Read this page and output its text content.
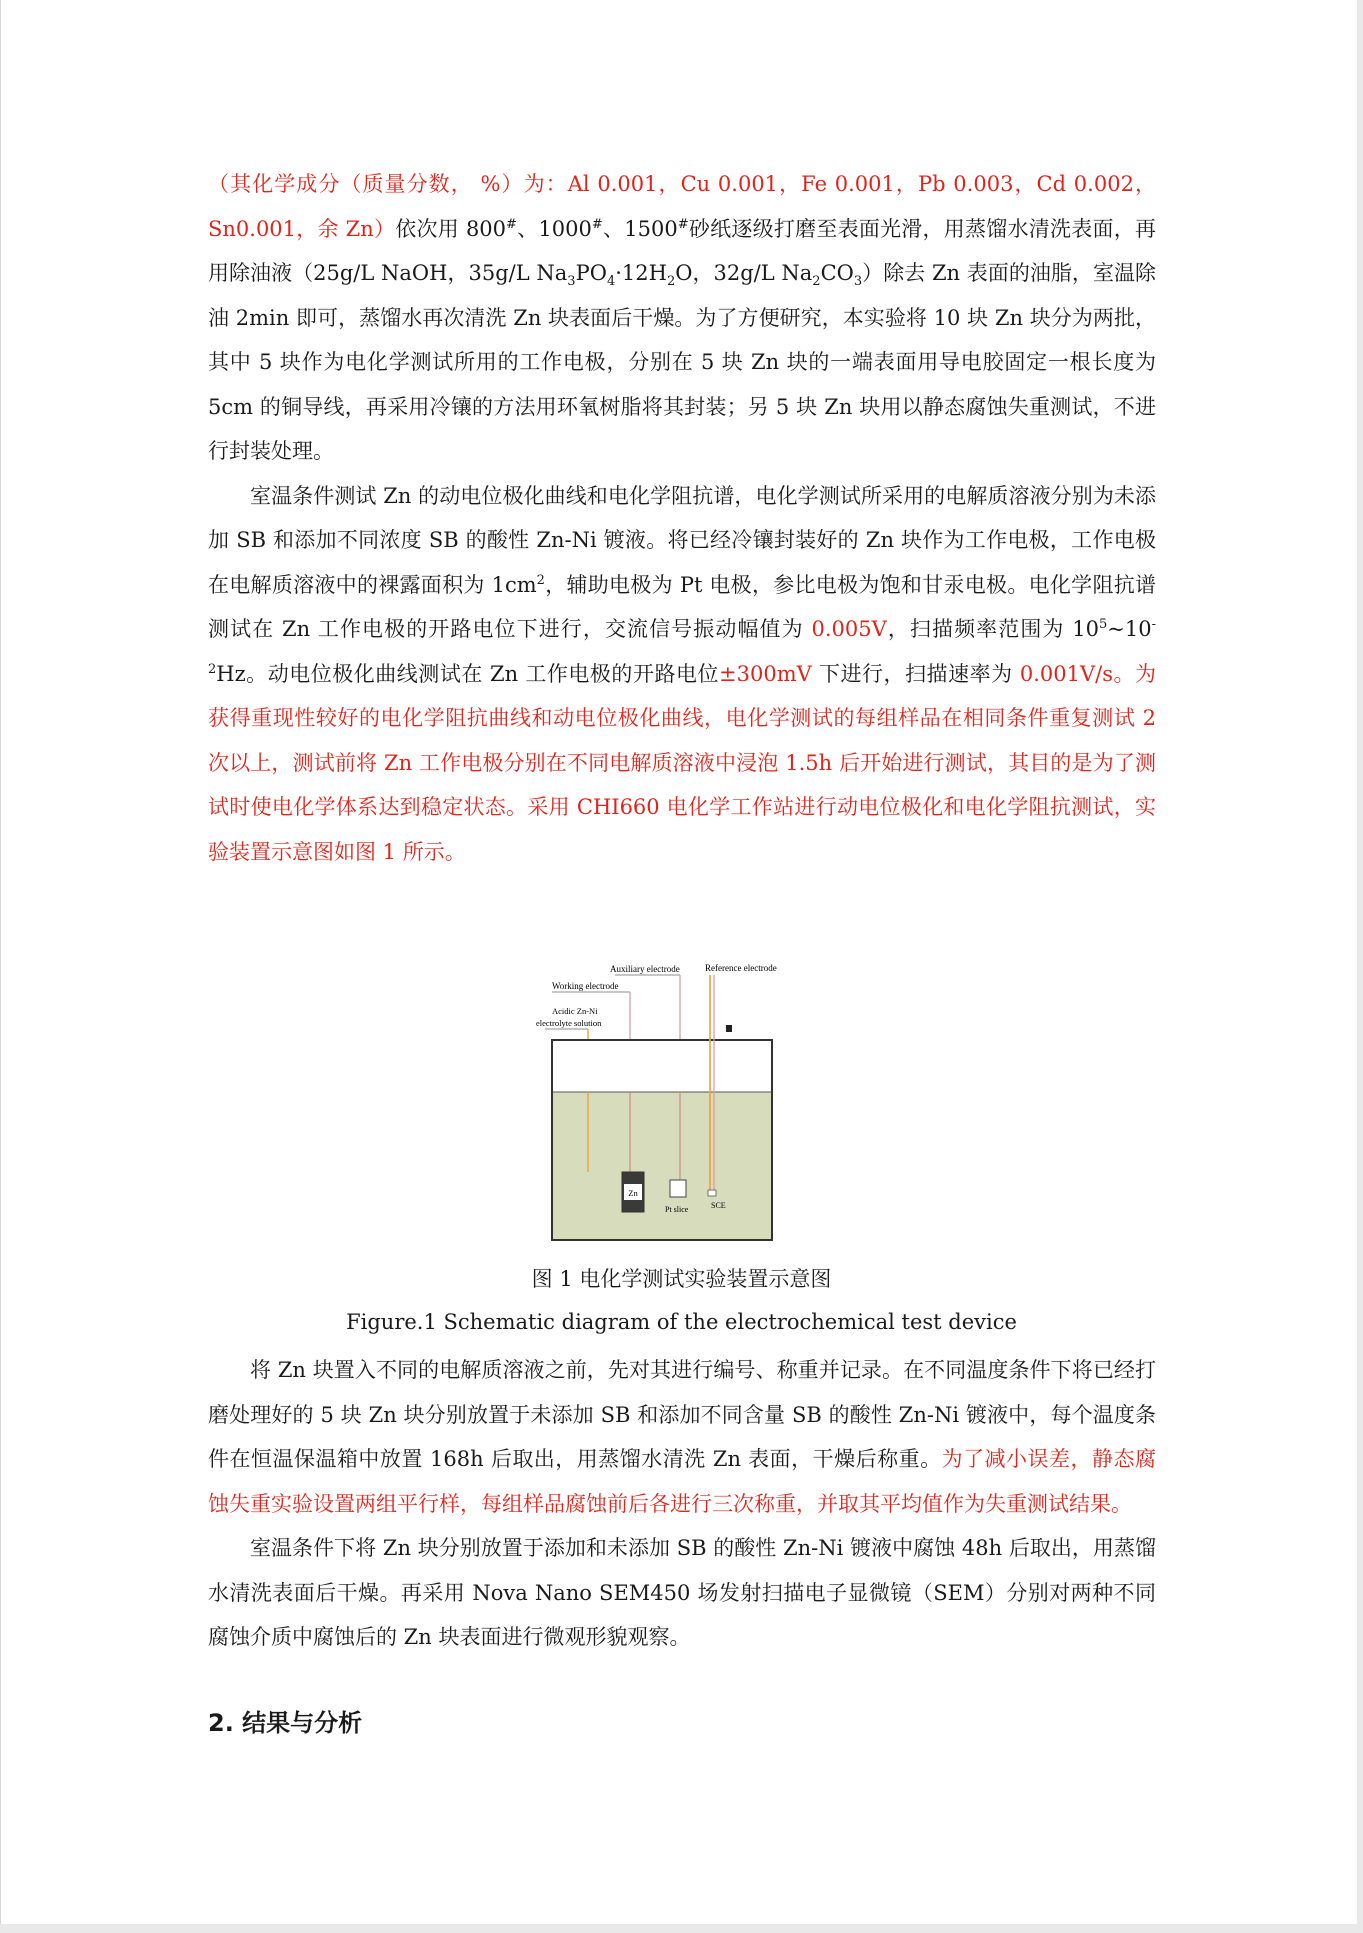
（其化学成分（质量分数， %）为：Al 0.001，Cu 0.001，Fe 0.001，Pb 0.003，Cd 0.002，Sn0.001，余 Zn）依次用 800#、1000#、1500#砂纸逐级打磨至表面光滑，用蒸馏水清洗表面，再用除油液（25g/L NaOH，35g/L $Na_3PO_4\cdot 12H_2O$，32g/L $Na_2CO_3$）除去 Zn 表面的油脂，室温除油 2min 即可，蒸馏水再次清洗 Zn 块表面后干燥。为了方便研究，本实验将 10 块 Zn 块分为两批，其中 5 块作为电化学测试所用的工作电极，分别在 5 块 Zn 块的一端表面用导电胶固定一根长度为 5cm 的铜导线，再采用冷镶的方法用环氧树脂将其封装；另 5 块 Zn 块用以静态腐蚀失重测试，不进行封装处理。

室温条件测试 Zn 的动电位极化曲线和电化学阻抗谱，电化学测试所采用的电解质溶液分别为未添加 SB 和添加不同浓度 SB 的酸性 Zn-Ni 镀液。将已经冷镶封装好的 Zn 块作为工作电极，工作电极在电解质溶液中的裸露面积为 $1cm^2$，辅助电极为 Pt 电极，参比电极为饱和甘汞电极。电化学阻抗谱测试在 Zn 工作电极的开路电位下进行，交流信号振动幅值为 0.005V，扫描频率范围为 $10^5\sim 10^{-2}Hz$。动电位极化曲线测试在 Zn 工作电极的开路电位±300mV 下进行，扫描速率为 0.001V/s。为获得重现性较好的电化学阻抗曲线和动电位极化曲线，电化学测试的每组样品在相同条件重复测试 2 次以上，测试前将 Zn 工作电极分别在不同电解质溶液中浸泡 1.5h 后开始进行测试，其目的是为了测试时使电化学体系达到稳定状态。采用 CHI660 电化学工作站进行动电位极化和电化学阻抗测试，实验装置示意图如图 1 所示。

Auxiliary electrode	Reference electrode
Working electrode
Acidic Zn-Ni
electrolyte solution
Zn
Pt slice	SCE
图 1 电化学测试实验装置示意图
Figure.1 Schematic diagram of the electrochemical test device

将 Zn 块置入不同的电解质溶液之前，先对其进行编号、称重并记录。在不同温度条件下将已经打磨处理好的 5 块 Zn 块分别放置于未添加 SB 和添加不同含量 SB 的酸性 Zn-Ni 镀液中，每个温度条件在恒温保温箱中放置 168h 后取出，用蒸馏水清洗 Zn 表面，干燥后称重。为了减小误差，静态腐蚀失重实验设置两组平行样，每组样品腐蚀前后各进行三次称重，并取其平均值作为失重测试结果。

室温条件下将 Zn 块分别放置于添加和未添加 SB 的酸性 Zn-Ni 镀液中腐蚀 48h 后取出，用蒸馏水清洗表面后干燥。再采用 Nova Nano SEM450 场发射扫描电子显微镜（SEM）分别对两种不同腐蚀介质中腐蚀后的 Zn 块表面进行微观形貌观察。

2. 结果与分析
